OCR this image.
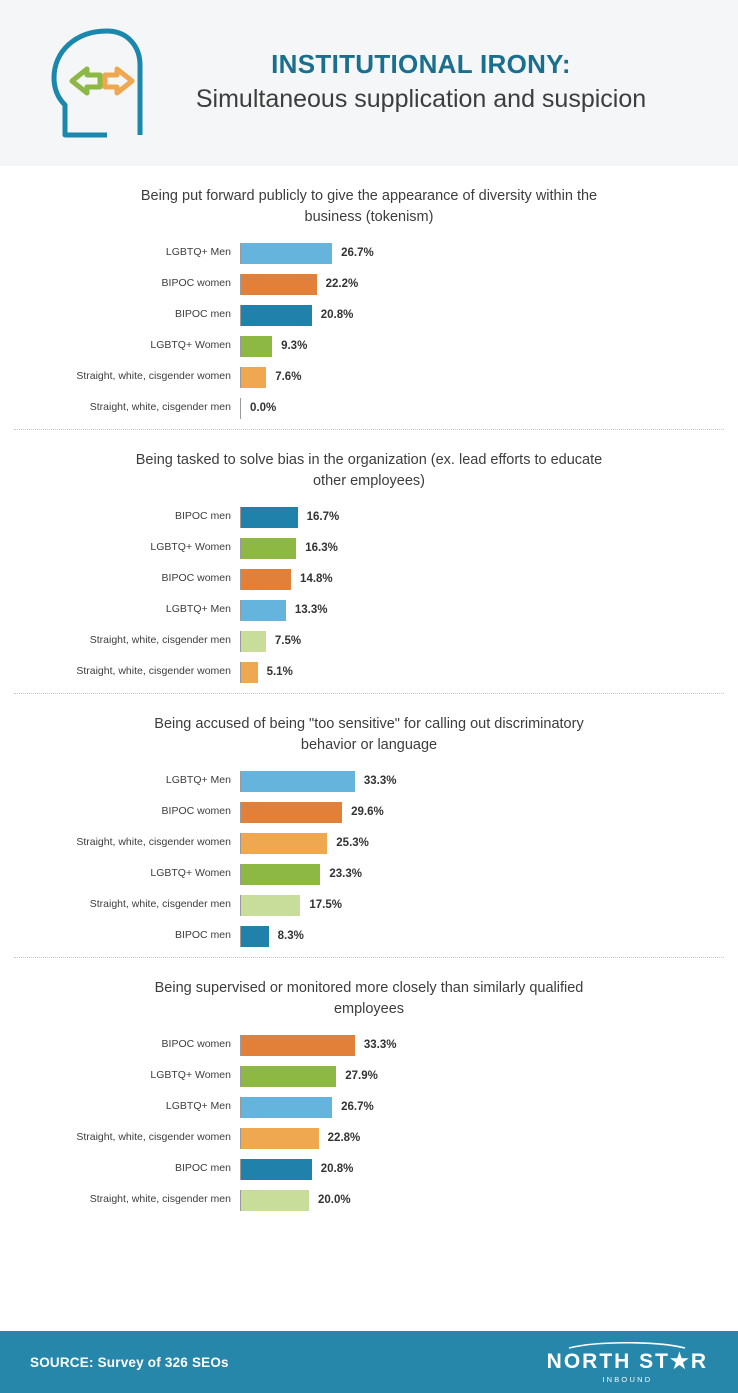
INSTITUTIONAL IRONY:
Simultaneous supplication and suspicion
Being put forward publicly to give the appearance of diversity within the business (tokenism)
LGBTQ+ Men	26.7%
BIPOC women	22.2%
BIPOC men	20.8%
LGBTQ+ Women	9.3%
Straight, white, cisgender women	7.6%
Straight, white, cisgender men	0.0%
Being tasked to solve bias in the organization (ex. lead efforts to educate other employees)
BIPOC men	16.7%
LGBTQ+ Women	16.3%
BIPOC women	14.8%
LGBTQ+ Men	13.3%
Straight, white, cisgender men	7.5%
Straight, white, cisgender women	5.1%
Being accused of being "too sensitive" for calling out discriminatory behavior or language
LGBTQ+ Men	33.3%
BIPOC women	29.6%
Straight, white, cisgender women	25.3%
LGBTQ+ Women	23.3%
Straight, white, cisgender men	17.5%
BIPOC men	8.3%
Being supervised or monitored more closely than similarly qualified employees
BIPOC women	33.3%
LGBTQ+ Women	27.9%
LGBTQ+ Men	26.7%
Straight, white, cisgender women	22.8%
BIPOC men	20.8%
Straight, white, cisgender men	20.0%
SOURCE: Survey of 326 SEOs	NORTH ST★R
INBOUND
